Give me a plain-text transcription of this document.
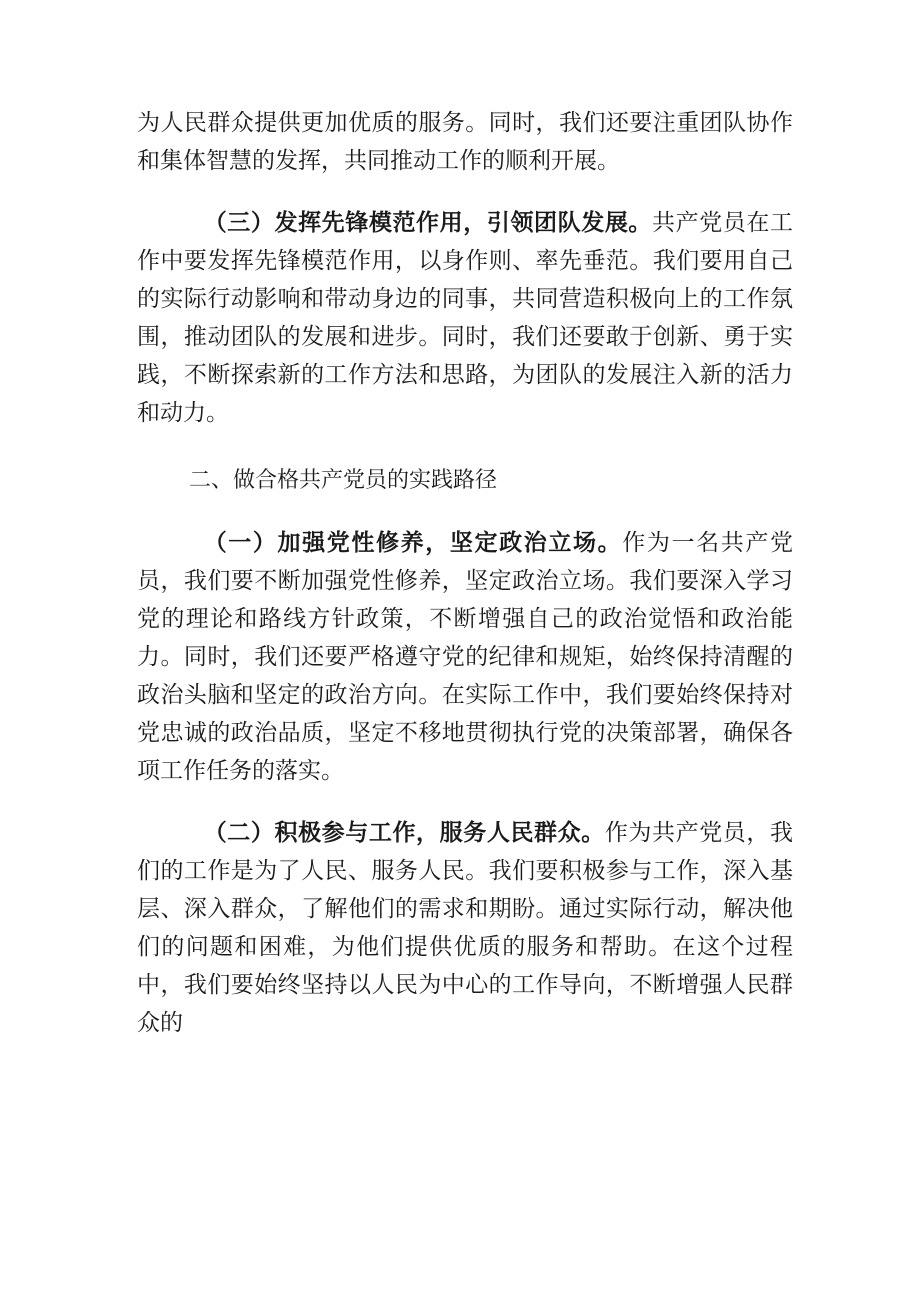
为人民群众提供更加优质的服务。同时，我们还要注重团队协作和集体智慧的发挥，共同推动工作的顺利开展。

（三）发挥先锋模范作用，引领团队发展。共产党员在工作中要发挥先锋模范作用，以身作则、率先垂范。我们要用自己的实际行动影响和带动身边的同事，共同营造积极向上的工作氛围，推动团队的发展和进步。同时，我们还要敢于创新、勇于实践，不断探索新的工作方法和思路，为团队的发展注入新的活力和动力。

二、做合格共产党员的实践路径

（一）加强党性修养，坚定政治立场。作为一名共产党员，我们要不断加强党性修养，坚定政治立场。我们要深入学习党的理论和路线方针政策，不断增强自己的政治觉悟和政治能力。同时，我们还要严格遵守党的纪律和规矩，始终保持清醒的政治头脑和坚定的政治方向。在实际工作中，我们要始终保持对党忠诚的政治品质，坚定不移地贯彻执行党的决策部署，确保各项工作任务的落实。

（二）积极参与工作，服务人民群众。作为共产党员，我们的工作是为了人民、服务人民。我们要积极参与工作，深入基层、深入群众，了解他们的需求和期盼。通过实际行动，解决他们的问题和困难，为他们提供优质的服务和帮助。在这个过程中，我们要始终坚持以人民为中心的工作导向，不断增强人民群众的
